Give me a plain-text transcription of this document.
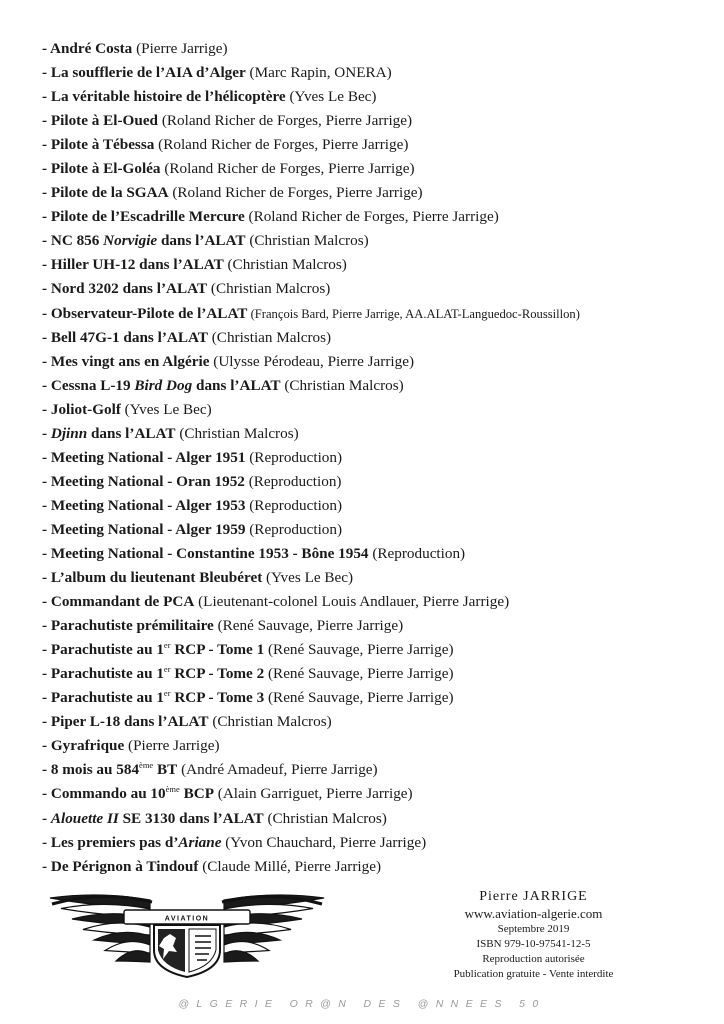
- André Costa (Pierre Jarrige)
- La soufflerie de l’AIA d’Alger (Marc Rapin, ONERA)
- La véritable histoire de l’hélicoptère (Yves Le Bec)
- Pilote à El-Oued (Roland Richer de Forges, Pierre Jarrige)
- Pilote à Tébessa (Roland Richer de Forges, Pierre Jarrige)
- Pilote à El-Goléa (Roland Richer de Forges, Pierre Jarrige)
- Pilote de la SGAA (Roland Richer de Forges, Pierre Jarrige)
- Pilote de l’Escadrille Mercure (Roland Richer de Forges, Pierre Jarrige)
- NC 856 Norvigie dans l’ALAT (Christian Malcros)
- Hiller UH-12 dans l’ALAT (Christian Malcros)
- Nord 3202 dans l’ALAT (Christian Malcros)
- Observateur-Pilote de l’ALAT (François Bard, Pierre Jarrige, AA.ALAT-Languedoc-Roussillon)
- Bell 47G-1 dans l’ALAT (Christian Malcros)
- Mes vingt ans en Algérie (Ulysse Pérodeau, Pierre Jarrige)
- Cessna L-19 Bird Dog dans l’ALAT (Christian Malcros)
- Joliot-Golf (Yves Le Bec)
- Djinn dans l’ALAT (Christian Malcros)
- Meeting National - Alger 1951 (Reproduction)
- Meeting National - Oran 1952 (Reproduction)
- Meeting National - Alger 1953 (Reproduction)
- Meeting National - Alger 1959 (Reproduction)
- Meeting National - Constantine 1953 - Bône 1954 (Reproduction)
- L’album du lieutenant Bleubéret (Yves Le Bec)
- Commandant de PCA (Lieutenant-colonel Louis Andlauer, Pierre Jarrige)
- Parachutiste prémilitaire (René Sauvage, Pierre Jarrige)
- Parachutiste au 1er RCP - Tome 1 (René Sauvage, Pierre Jarrige)
- Parachutiste au 1er RCP - Tome 2 (René Sauvage, Pierre Jarrige)
- Parachutiste au 1er RCP - Tome 3 (René Sauvage, Pierre Jarrige)
- Piper L-18 dans l’ALAT (Christian Malcros)
- Gyrafrique (Pierre Jarrige)
- 8 mois au 584ème BT (André Amadeuf, Pierre Jarrige)
- Commando au 10ème BCP (Alain Garriguet, Pierre Jarrige)
- Alouette II SE 3130 dans l’ALAT (Christian Malcros)
- Les premiers pas d’Ariane (Yvon Chauchard, Pierre Jarrige)
- De Pérignon à Tindouf (Claude Millé, Pierre Jarrige)
AVIATION
Pierre JARRIGE
www.aviation-algerie.com
Septembre 2019
ISBN 979-10-97541-12-5
Reproduction autorisée
Publication gratuite - Vente interdite
@LGERIE OR@N DES @NNEES 50
